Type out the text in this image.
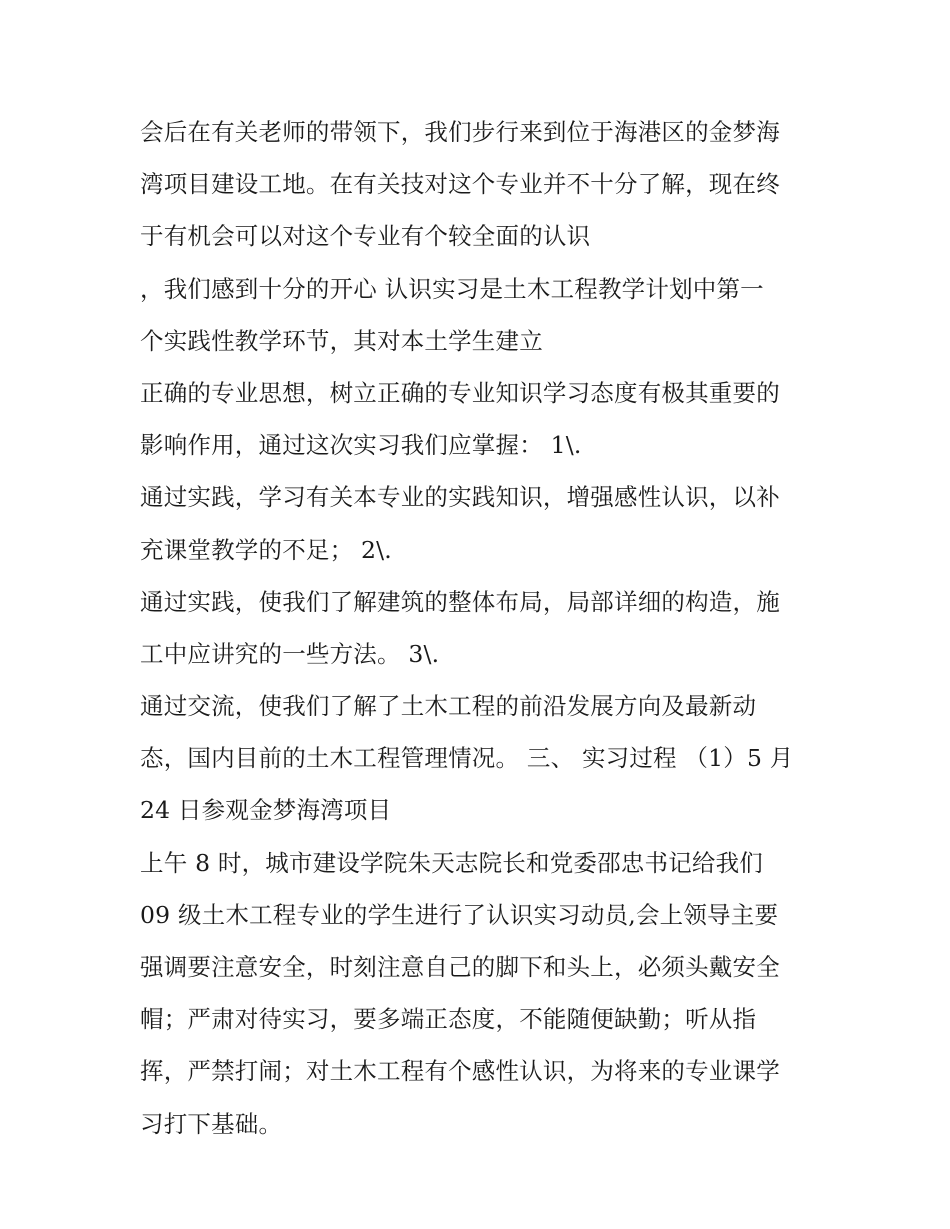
会后在有关老师的带领下，我们步行来到位于海港区的金梦海
湾项目建设工地。在有关技对这个专业并不十分了解，现在终
于有机会可以对这个专业有个较全面的认识
，我们感到十分的开心 认识实习是土木工程教学计划中第一
个实践性教学环节，其对本土学生建立
正确的专业思想，树立正确的专业知识学习态度有极其重要的
影响作用，通过这次实习我们应掌握： 1\.
通过实践，学习有关本专业的实践知识，增强感性认识，以补
充课堂教学的不足； 2\.
通过实践，使我们了解建筑的整体布局，局部详细的构造，施
工中应讲究的一些方法。 3\.
通过交流，使我们了解了土木工程的前沿发展方向及最新动
态，国内目前的土木工程管理情况。 三、 实习过程 （1）5 月
24 日参观金梦海湾项目
上午 8 时，城市建设学院朱天志院长和党委邵忠书记给我们
09 级土木工程专业的学生进行了认识实习动员,会上领导主要
强调要注意安全，时刻注意自己的脚下和头上，必须头戴安全
帽；严肃对待实习，要多端正态度，不能随便缺勤；听从指
挥，严禁打闹；对土木工程有个感性认识，为将来的专业课学
习打下基础。
